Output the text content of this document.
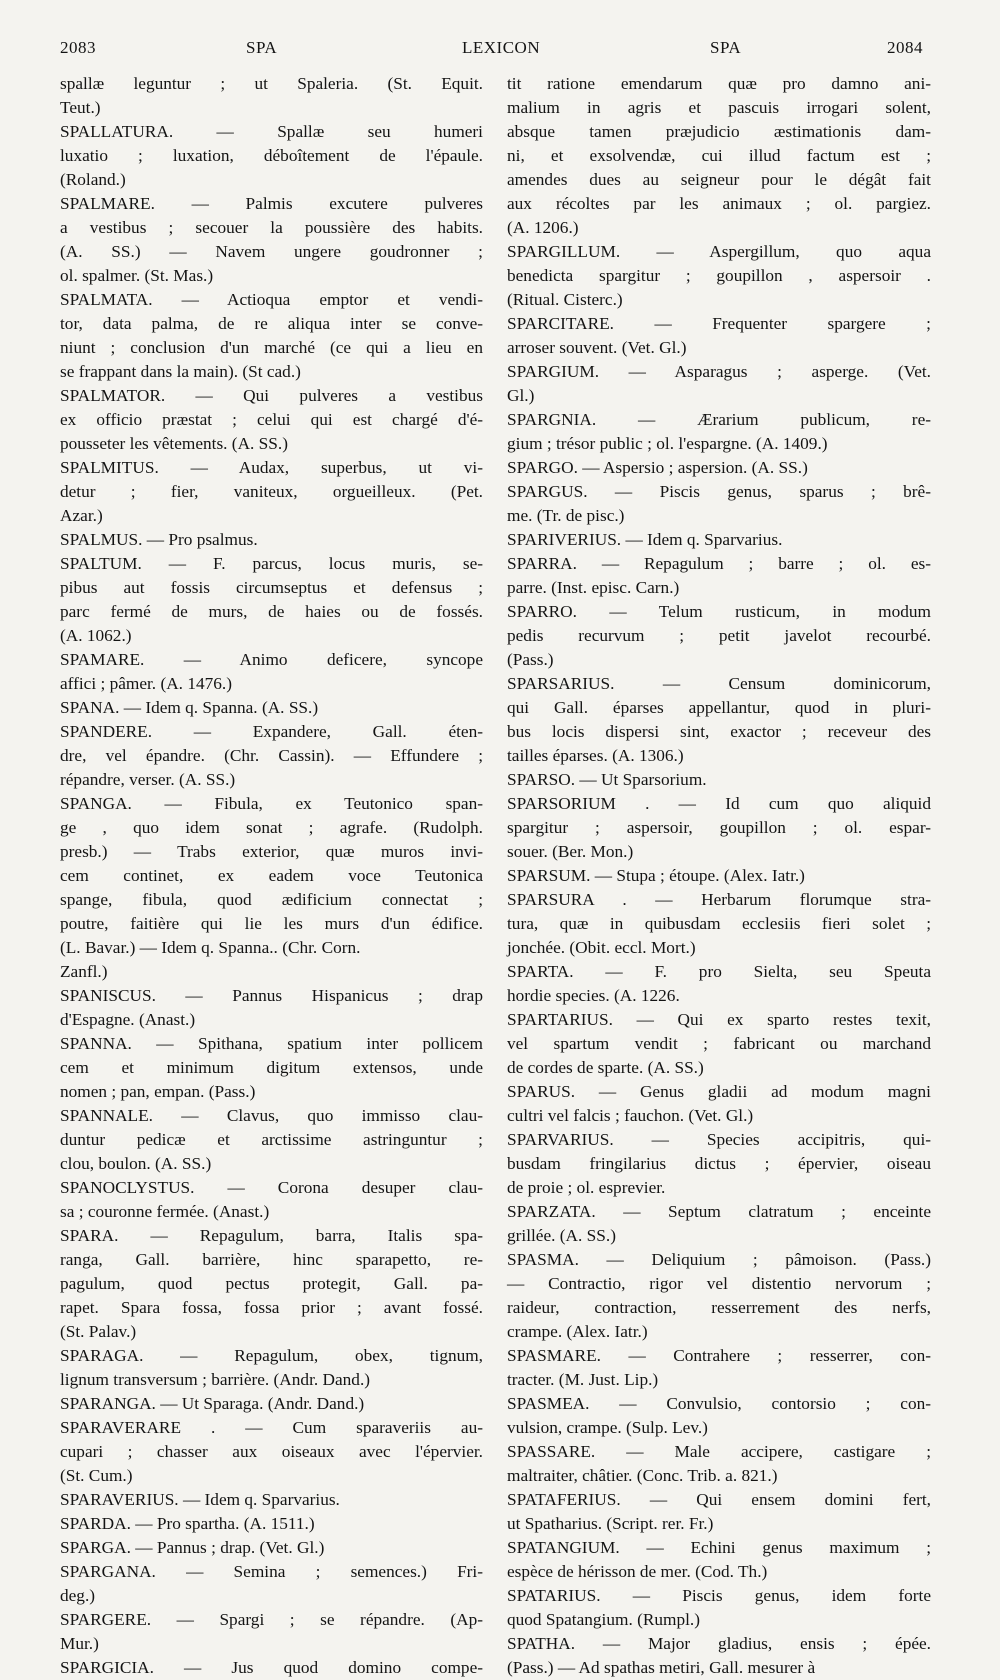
2083	SPA	LEXICON	SPA	2084
spallæ leguntur ; ut Spaleria. (St. Equit.
Teut.)
SPALLATURA. — Spallæ seu humeri
luxatio ; luxation, déboîtement de l'épaule.
(Roland.)
SPALMARE. — Palmis excutere pulveres
a vestibus ; secouer la poussière des habits.
(A. SS.) — Navem ungere goudronner ;
ol. spalmer. (St. Mas.)
SPALMATA. — Actioqua emptor et vendi-
tor, data palma, de re aliqua inter se conve-
niunt ; conclusion d'un marché (ce qui a lieu en
se frappant dans la main). (St cad.)
SPALMATOR. — Qui pulveres a vestibus
ex officio præstat ; celui qui est chargé d'é-
pousseter les vêtements. (A. SS.)
SPALMITUS. — Audax, superbus, ut vi-
detur ; fier, vaniteux, orgueilleux. (Pet.
Azar.)
SPALMUS. — Pro psalmus.
SPALTUM. — F. parcus, locus muris, se-
pibus aut fossis circumseptus et defensus ;
parc fermé de murs, de haies ou de fossés.
(A. 1062.)
SPAMARE. — Animo deficere, syncope
affici ; pâmer. (A. 1476.)
SPANA. — Idem q. Spanna. (A. SS.)
SPANDERE. — Expandere, Gall. éten-
dre, vel épandre. (Chr. Cassin). — Effundere ;
répandre, verser. (A. SS.)
SPANGA. — Fibula, ex Teutonico span-
ge , quo idem sonat ; agrafe. (Rudolph.
presb.) — Trabs exterior, quæ muros invi-
cem continet, ex eadem voce Teutonica
spange, fibula, quod ædificium connectat ;
poutre, faitière qui lie les murs d'un édifice.
(L. Bavar.) — Idem q. Spanna.. (Chr. Corn.
Zanfl.)
SPANISCUS. — Pannus Hispanicus ; drap
d'Espagne. (Anast.)
SPANNA. — Spithana, spatium inter pollicem
cem et minimum digitum extensos, unde
nomen ; pan, empan. (Pass.)
SPANNALE. — Clavus, quo immisso clau-
duntur pedicæ et arctissime astringuntur ;
clou, boulon. (A. SS.)
SPANOCLYSTUS. — Corona desuper clau-
sa ; couronne fermée. (Anast.)
SPARA. — Repagulum, barra, Italis spa-
ranga, Gall. barrière, hinc sparapetto, re-
pagulum, quod pectus protegit, Gall. pa-
rapet. Spara fossa, fossa prior ; avant fossé.
(St. Palav.)
SPARAGA. — Repagulum, obex, tignum,
lignum transversum ; barrière. (Andr. Dand.)
SPARANGA. — Ut Sparaga. (Andr. Dand.)
SPARAVERARE . — Cum sparaveriis au-
cupari ; chasser aux oiseaux avec l'épervier.
(St. Cum.)
SPARAVERIUS. — Idem q. Sparvarius.
SPARDA. — Pro spartha. (A. 1511.)
SPARGA. — Pannus ; drap. (Vet. Gl.)
SPARGANA. — Semina ; semences.) Fri-
deg.)
SPARGERE. — Spargi ; se répandre. (Ap-
Mur.)
SPARGICIA. — Jus quod domino compe-
tit ratione emendarum quæ pro damno ani-
malium in agris et pascuis irrogari solent,
absque tamen præjudicio æstimationis dam-
ni, et exsolvendæ, cui illud factum est ;
amendes dues au seigneur pour le dégât fait
aux récoltes par les animaux ; ol. pargiez.
(A. 1206.)
SPARGILLUM. — Aspergillum, quo aqua
benedicta spargitur ; goupillon , aspersoir .
(Ritual. Cisterc.)
SPARCITARE. — Frequenter spargere ;
arroser souvent. (Vet. Gl.)
SPARGIUM. — Asparagus ; asperge. (Vet.
Gl.)
SPARGNIA. — Ærarium publicum, re-
gium ; trésor public ; ol. l'espargne. (A. 1409.)
SPARGO. — Aspersio ; aspersion. (A. SS.)
SPARGUS. — Piscis genus, sparus ; brê-
me. (Tr. de pisc.)
SPARIVERIUS. — Idem q. Sparvarius.
SPARRA. — Repagulum ; barre ; ol. es-
parre. (Inst. episc. Carn.)
SPARRO. — Telum rusticum, in modum
pedis recurvum ; petit javelot recourbé.
(Pass.)
SPARSARIUS. — Censum dominicorum,
qui Gall. éparses appellantur, quod in pluri-
bus locis dispersi sint, exactor ; receveur des
tailles éparses. (A. 1306.)
SPARSO. — Ut Sparsorium.
SPARSORIUM . — Id cum quo aliquid
spargitur ; aspersoir, goupillon ; ol. espar-
souer. (Ber. Mon.)
SPARSUM. — Stupa ; étoupe. (Alex. Iatr.)
SPARSURA . — Herbarum florumque stra-
tura, quæ in quibusdam ecclesiis fieri solet ;
jonchée. (Obit. eccl. Mort.)
SPARTA. — F. pro Sielta, seu Speuta
hordie species. (A. 1226.
SPARTARIUS. — Qui ex sparto restes texit,
vel spartum vendit ; fabricant ou marchand
de cordes de sparte. (A. SS.)
SPARUS. — Genus gladii ad modum magni
cultri vel falcis ; fauchon. (Vet. Gl.)
SPARVARIUS. — Species accipitris, qui-
busdam fringilarius dictus ; épervier, oiseau
de proie ; ol. esprevier.
SPARZATA. — Septum clatratum ; enceinte
grillée. (A. SS.)
SPASMA. — Deliquium ; pâmoison. (Pass.)
— Contractio, rigor vel distentio nervorum ;
raideur, contraction, resserrement des nerfs,
crampe. (Alex. Iatr.)
SPASMARE. — Contrahere ; resserrer, con-
tracter. (M. Just. Lip.)
SPASMEA. — Convulsio, contorsio ; con-
vulsion, crampe. (Sulp. Lev.)
SPASSARE. — Male accipere, castigare ;
maltraiter, châtier. (Conc. Trib. a. 821.)
SPATAFERIUS. — Qui ensem domini fert,
ut Spatharius. (Script. rer. Fr.)
SPATANGIUM. — Echini genus maximum ;
espèce de hérisson de mer. (Cod. Th.)
SPATARIUS. — Piscis genus, idem forte
quod Spatangium. (Rumpl.)
SPATHA. — Major gladius, ensis ; épée.
(Pass.) — Ad spathas metiri, Gall. mesurer à
